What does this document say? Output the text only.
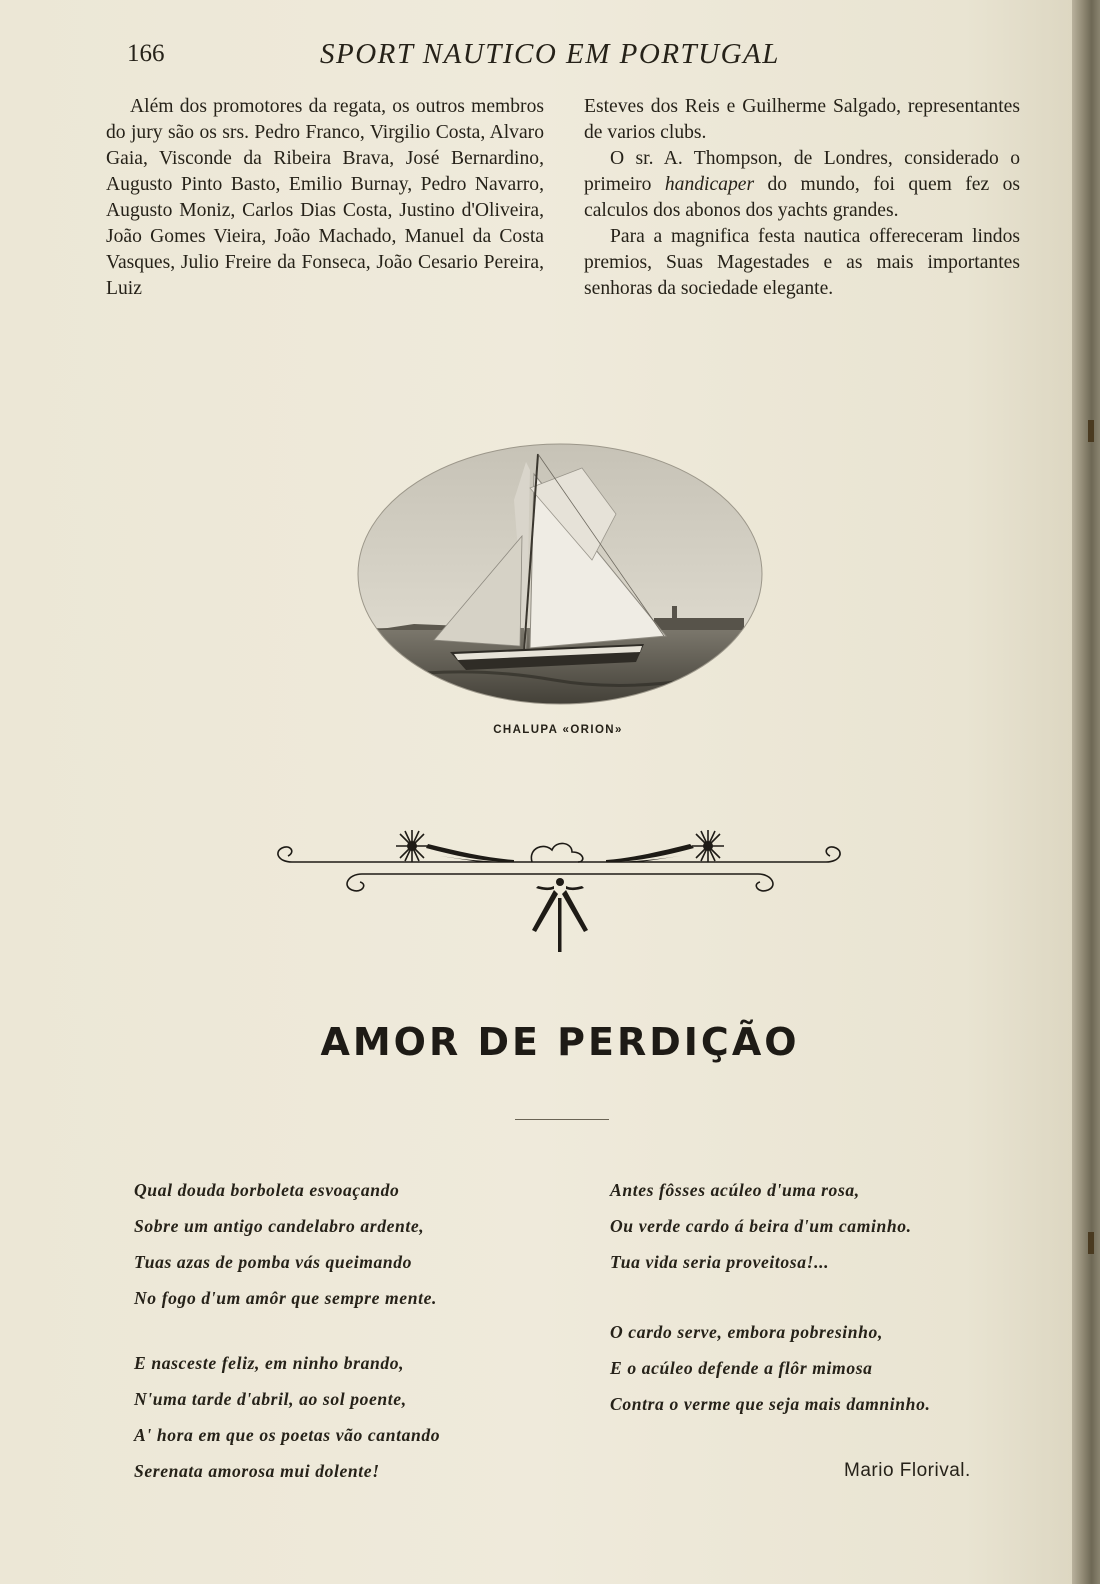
166	SPORT NAUTICO EM PORTUGAL

Além dos promotores da regata, os outros membros do jury são os srs. Pedro Franco, Virgilio Costa, Alvaro Gaia, Visconde da Ribeira Brava, José Bernardino, Augusto Pinto Basto, Emilio Burnay, Pedro Navarro, Augusto Moniz, Carlos Dias Costa, Justino d'Oliveira, João Gomes Vieira, João Machado, Manuel da Costa Vasques, Julio Freire da Fonseca, João Cesario Pereira, Luiz

Esteves dos Reis e Guilherme Salgado, representantes de varios clubs.

O sr. A. Thompson, de Londres, considerado o primeiro handicaper do mundo, foi quem fez os calculos dos abonos dos yachts grandes.

Para a magnifica festa nautica offereceram lindos premios, Suas Magestades e as mais importantes senhoras da sociedade elegante.

CHALUPA «ORION»
AMOR DE PERDIÇÃO
Qual douda borboleta esvoaçando
Sobre um antigo candelabro ardente,
Tuas azas de pomba vás queimando
No fogo d'um amôr que sempre mente.
E nasceste feliz, em ninho brando,
N'uma tarde d'abril, ao sol poente,
A' hora em que os poetas vão cantando
Serenata amorosa mui dolente!
Antes fôsses acúleo d'uma rosa,
Ou verde cardo á beira d'um caminho.
Tua vida seria proveitosa!...
O cardo serve, embora pobresinho,
E o acúleo defende a flôr mimosa
Contra o verme que seja mais damninho.
Mario Florival.
